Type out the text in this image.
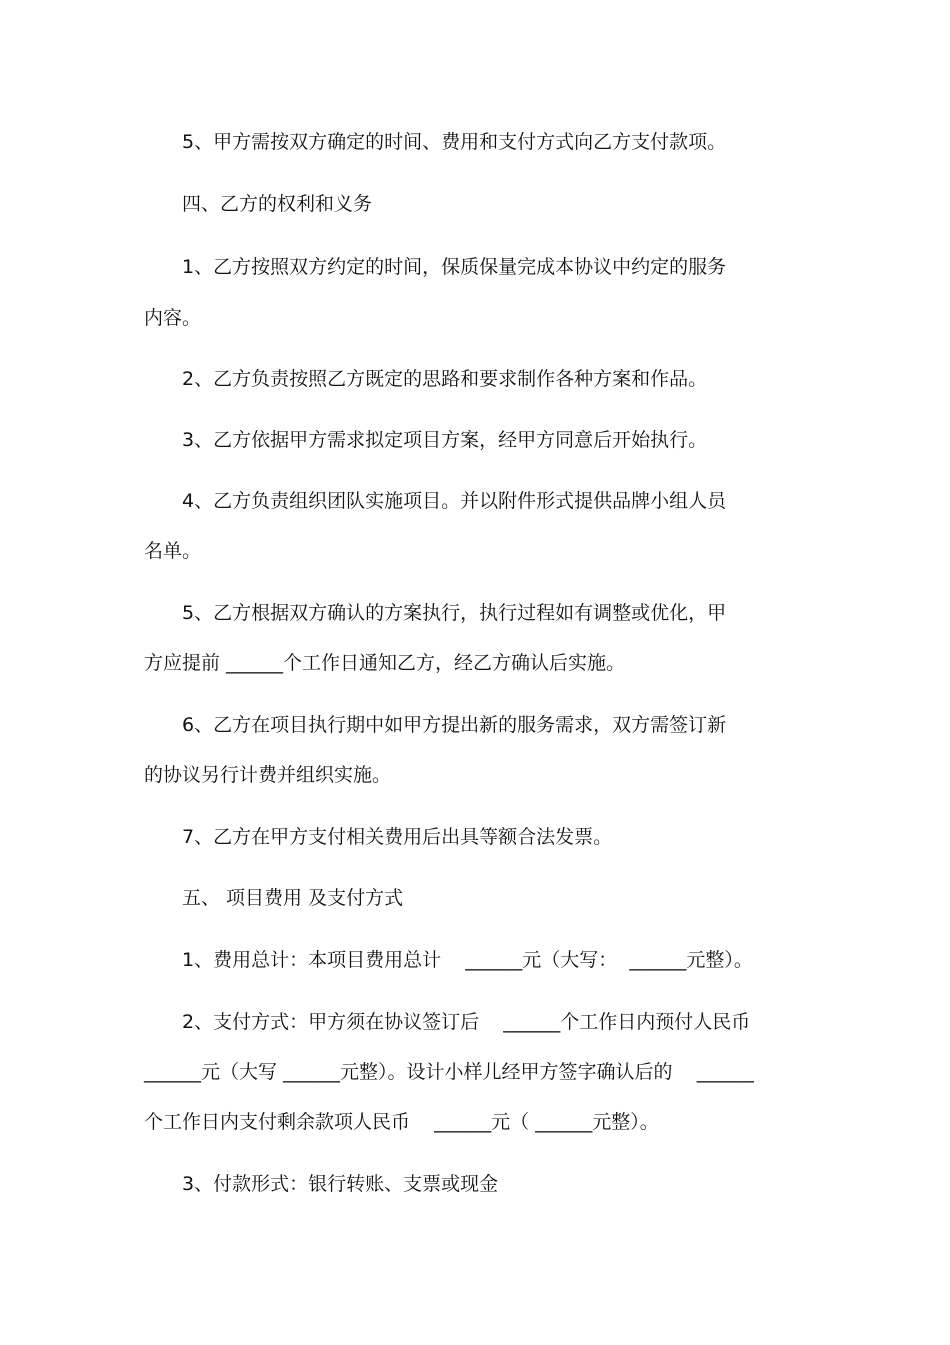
5、甲方需按双方确定的时间、费用和支付方式向乙方支付款项。
四、乙方的权利和义务
1、乙方按照双方约定的时间，保质保量完成本协议中约定的服务
内容。
2、乙方负责按照乙方既定的思路和要求制作各种方案和作品。
3、乙方依据甲方需求拟定项目方案，经甲方同意后开始执行。
4、乙方负责组织团队实施项目。并以附件形式提供品牌小组人员
名单。
5、乙方根据双方确认的方案执行，执行过程如有调整或优化，甲
方应提前 ______个工作日通知乙方，经乙方确认后实施。
6、乙方在项目执行期中如甲方提出新的服务需求，双方需签订新
的协议另行计费并组织实施。
7、乙方在甲方支付相关费用后出具等额合法发票。
五、 项目费用 及支付方式
1、费用总计：本项目费用总计    ______元（大写：  ______元整）。
2、支付方式：甲方须在协议签订后    ______个工作日内预付人民币
______元（大写 ______元整）。设计小样儿经甲方签字确认后的    ______
个工作日内支付剩余款项人民币    ______元（ ______元整）。
3、付款形式：银行转账、支票或现金
